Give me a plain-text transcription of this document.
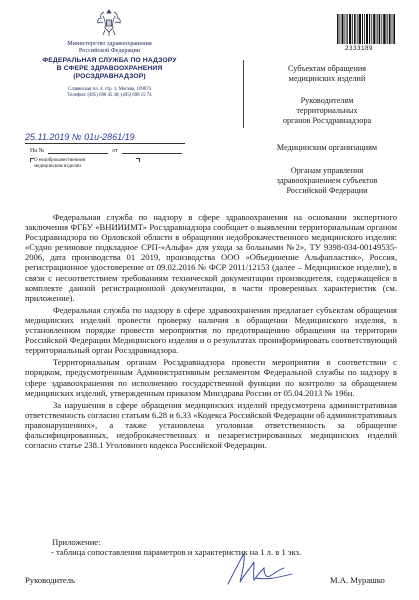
Министерство здравоохранения
Российской Федерации
ФЕДЕРАЛЬНАЯ СЛУЖБА ПО НАДЗОРУ
В СФЕРЕ ЗДРАВООХРАНЕНИЯ
(РОСЗДРАВНАДЗОР)
Славянская пл. 4, стр. 1, Москва, 109074
Телефон: (495) 698 45 38; (495) 698 15 74
25.11.2019 № 01и-2861/19
На №	от
О недоброкачественном
медицинском изделии
2333189
Субъектам обращения
медицинских изделий
Руководителям
территориальных
органов Росздравнадзора
Медицинским организациям
Органам управления
здравоохранением субъектов
Российской Федерации

Федеральная служба по надзору в сфере здравоохранения на основании экспертного заключения ФГБУ «ВНИИИМТ» Росздравнадзора сообщает о выявлении территориальным органом Росздравнадзора по Орловской области в обращении недоброкачественного медицинского изделия: «Судно резиновое подкладное СРП-«Альфа» для ухода за больными №2», ТУ 9398-034-00149535-2006, дата производства 01 2019, производства ООО «Объединение Альфапластик», Россия, регистрационное удостоверение от 09.02.2016 № ФСР 2011/12153 (далее – Медицинское изделие), в связи с несоответствием требованиям технической документации производителя, содержащейся в комплекте данной регистрационной документации, в части проверенных характеристик (см. приложение).

Федеральная служба по надзору в сфере здравоохранения предлагает субъектам обращения медицинских изделий провести проверку наличия в обращении Медицинского изделия, в установленном порядке провести мероприятия по предотвращению обращения на территории Российской Федерации Медицинского изделия и о результатах проинформировать соответствующий территориальный орган Росздравнадзора.

Территориальным органам Росздравнадзора провести мероприятия в соответствии с порядком, предусмотренным Административным регламентом Федеральной службы по надзору в сфере здравоохранения по исполнению государственной функции по контролю за обращением медицинских изделий, утвержденным приказом Минздрава России от 05.04.2013 № 196н.

За нарушения в сфере обращения медицинских изделий предусмотрена административная ответственность согласно статьям 6.28 и 6.33 «Кодекса Российской Федерации об административных правонарушениях», а также установлена уголовная ответственность за обращение фальсифицированных, недоброкачественных и незарегистрированных медицинских изделий согласно статье 238.1 Уголовного кодекса Российской Федерации.

Приложение:
- таблица сопоставления параметров и характеристик на 1 л. в 1 экз.
Руководитель	М.А. Мурашко
